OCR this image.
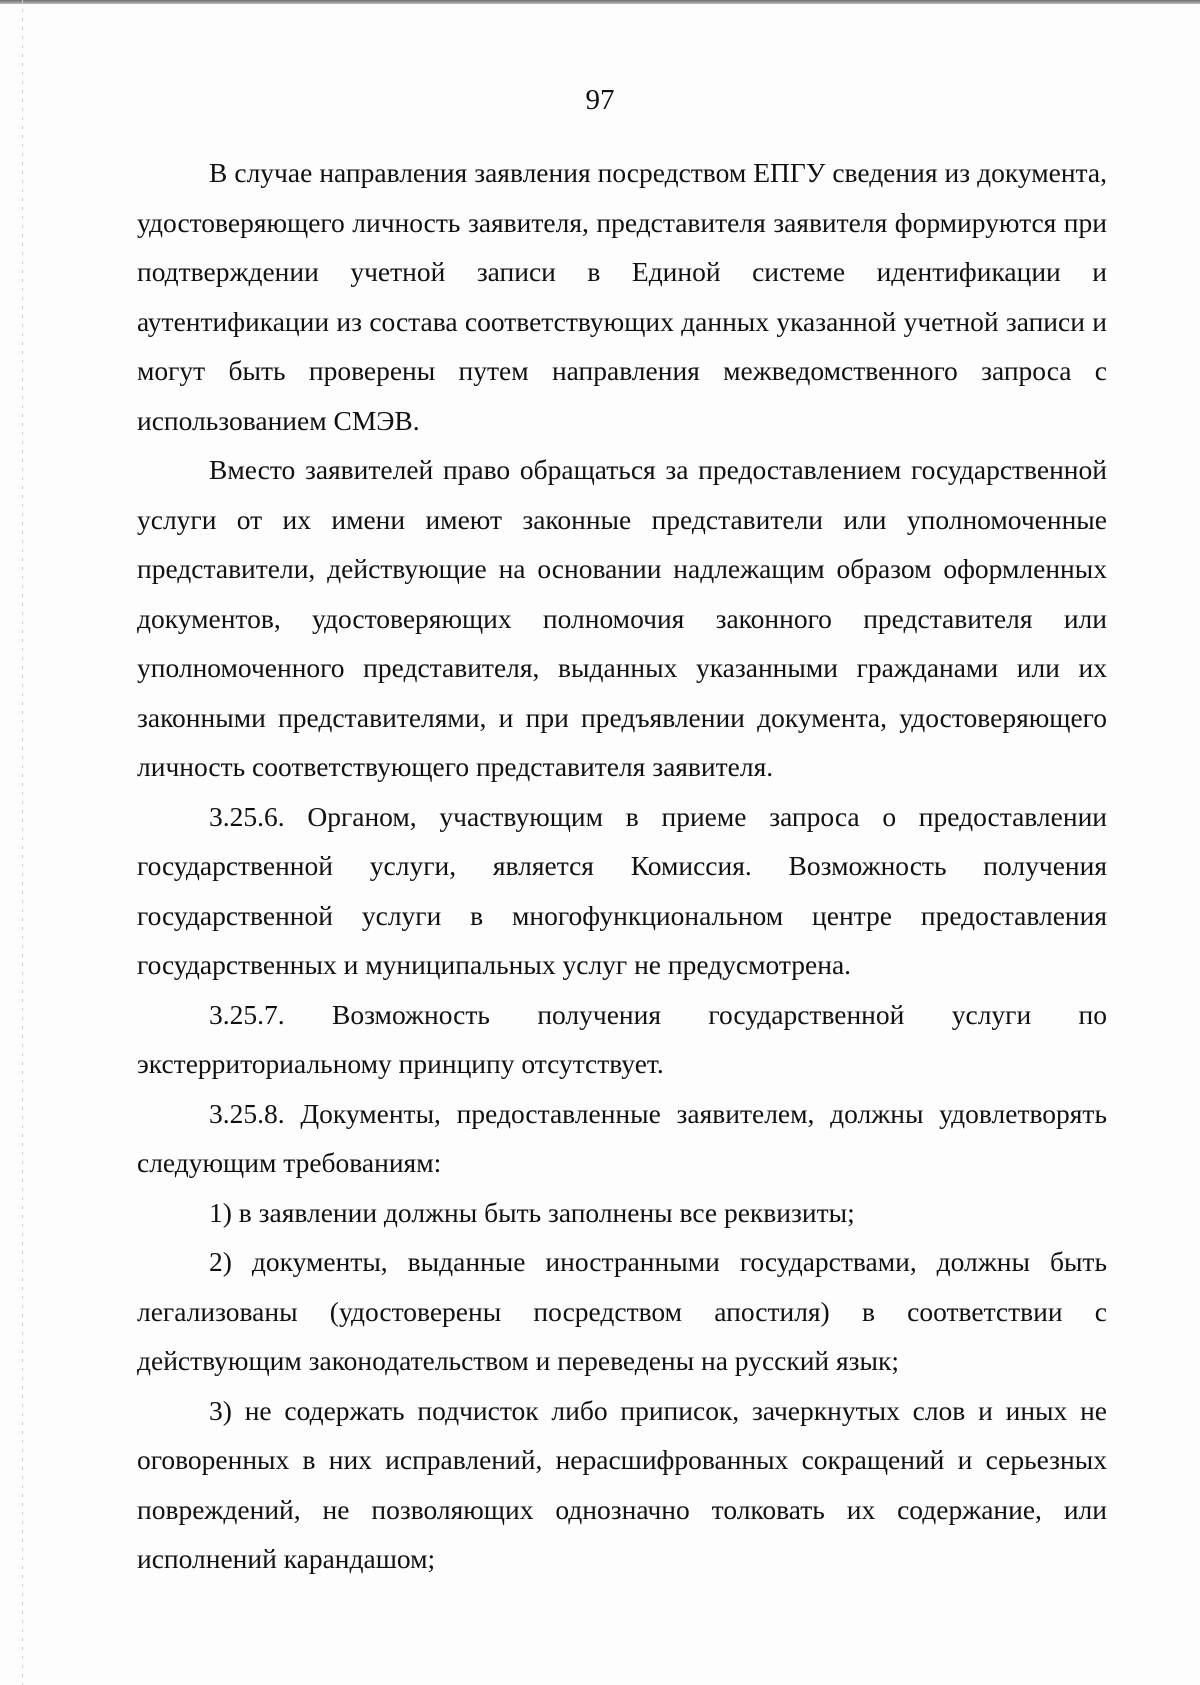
97

В случае направления заявления посредством ЕПГУ сведения из документа, удостоверяющего личность заявителя, представителя заявителя формируются при подтверждении учетной записи в Единой системе идентификации и аутентификации из состава соответствующих данных указанной учетной записи и могут быть проверены путем направления межведомственного запроса с использованием СМЭВ.

Вместо заявителей право обращаться за предоставлением государственной услуги от их имени имеют законные представители или уполномоченные представители, действующие на основании надлежащим образом оформленных документов, удостоверяющих полномочия законного представителя или уполномоченного представителя, выданных указанными гражданами или их законными представителями, и при предъявлении документа, удостоверяющего личность соответствующего представителя заявителя.

3.25.6. Органом, участвующим в приеме запроса о предоставлении государственной услуги, является Комиссия. Возможность получения государственной услуги в многофункциональном центре предоставления государственных и муниципальных услуг не предусмотрена.

3.25.7. Возможность получения государственной услуги по экстерриториальному принципу отсутствует.

3.25.8. Документы, предоставленные заявителем, должны удовлетворять следующим требованиям:

1) в заявлении должны быть заполнены все реквизиты;

2) документы, выданные иностранными государствами, должны быть легализованы (удостоверены посредством апостиля) в соответствии с действующим законодательством и переведены на русский язык;

3) не содержать подчисток либо приписок, зачеркнутых слов и иных не оговоренных в них исправлений, нерасшифрованных сокращений и серьезных повреждений, не позволяющих однозначно толковать их содержание, или исполнений карандашом;
